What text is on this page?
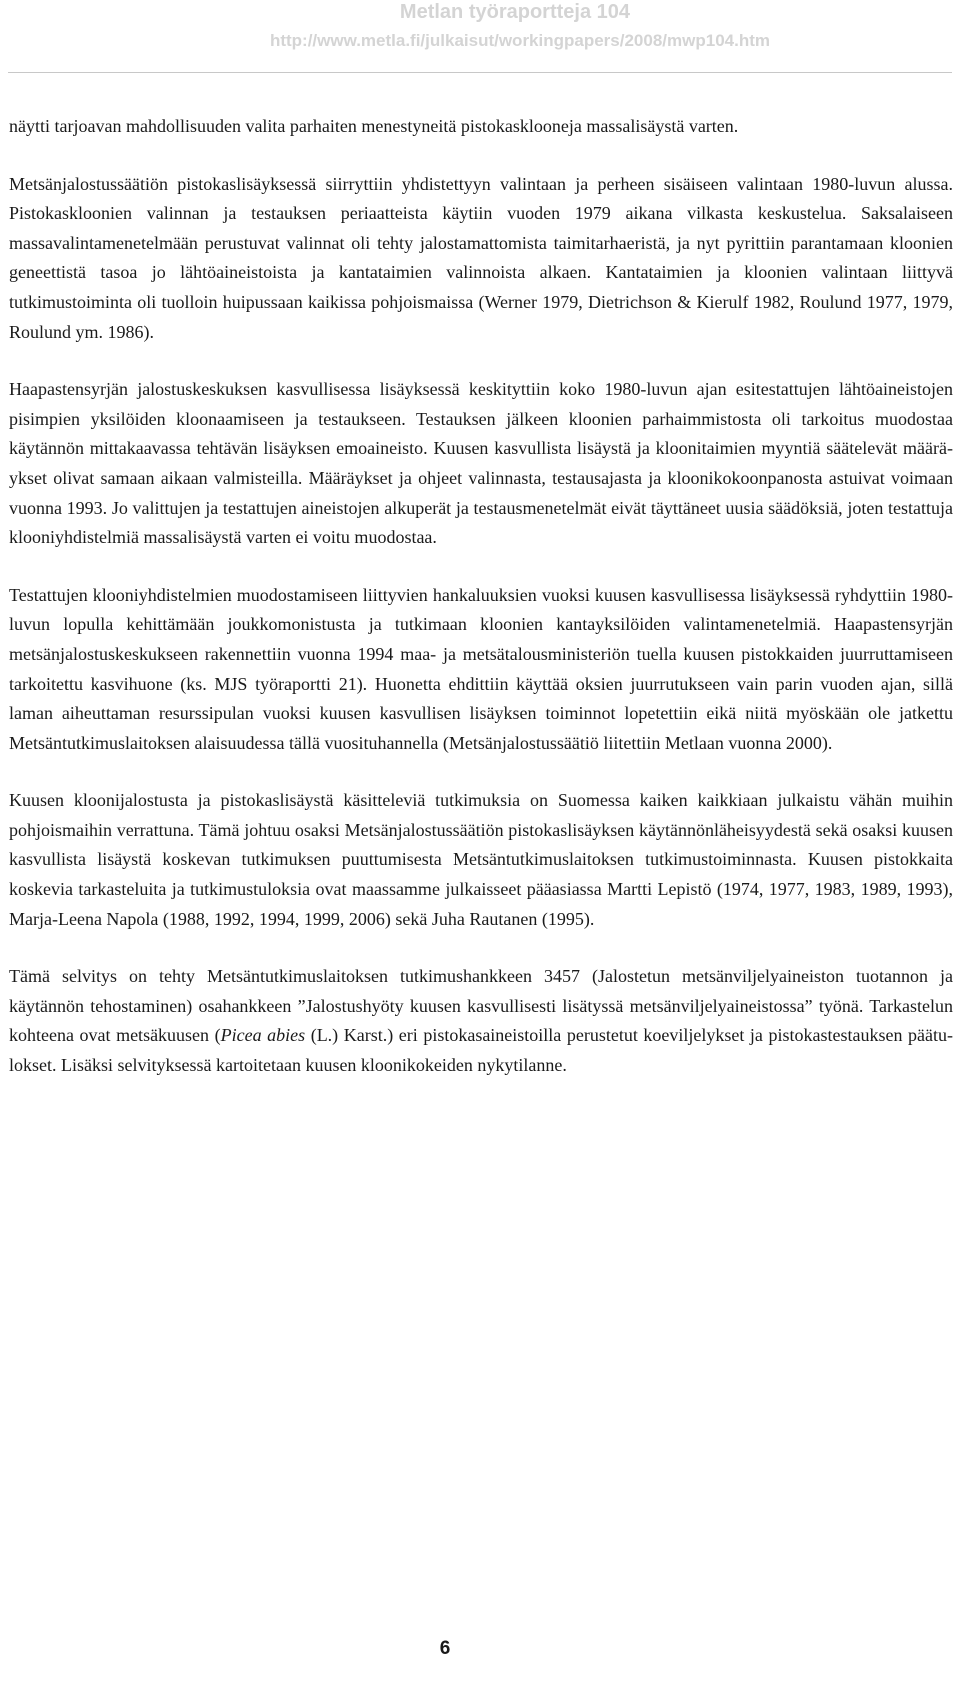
Metlan työraportteja 104
http://www.metla.fi/julkaisut/workingpapers/2008/mwp104.htm

näytti tarjoavan mahdollisuuden valita parhaiten menestyneitä pistokasklooneja massalisäystä varten.

Metsänjalostussäätiön pistokaslisäyksessä siirryttiin yhdistettyyn valintaan ja perheen sisäiseen valintaan 1980-luvun alussa. Pistokaskloonien valinnan ja testauksen periaatteista käytiin vuoden 1979 aikana vilkasta keskustelua. Saksalaiseen massavalintamenetelmään perustuvat valinnat oli tehty jalostamattomista taimitarhaeristä, ja nyt pyrittiin parantamaan kloonien geneettistä tasoa jo lähtöaineistoista ja kantataimien valinnoista alkaen. Kantataimien ja kloonien valintaan liittyvä tutkimustoiminta oli tuolloin huipussaan kaikissa pohjoismaissa (Werner 1979, Dietrichson & Kierulf 1982, Roulund 1977, 1979, Roulund ym. 1986).

Haapastensyrjän jalostuskeskuksen kasvullisessa lisäyksessä keskityttiin koko 1980-luvun ajan esitestattujen lähtöaineistojen pisimpien yksilöiden kloonaamiseen ja testaukseen. Testauksen jälkeen kloonien parhaimmistosta oli tarkoitus muodostaa käytännön mittakaavassa tehtävän lisäyksen emoaineisto. Kuusen kasvullista lisäystä ja kloonitaimien myyntiä säätelevät määräykset olivat samaan aikaan valmisteilla. Määräykset ja ohjeet valinnasta, testausajasta ja kloonikokoonpanosta astuivat voimaan vuonna 1993. Jo valittujen ja testattujen aineistojen alkuperät ja testausmenetelmät eivät täyttäneet uusia säädöksiä, joten testattuja klooniyhdistelmiä massalisäystä varten ei voitu muodostaa.

Testattujen klooniyhdistelmien muodostamiseen liittyvien hankaluuksien vuoksi kuusen kasvullisessa lisäyksessä ryhdyttiin 1980-luvun lopulla kehittämään joukkomonistusta ja tutkimaan kloonien kantayksilöiden valintamenetelmiä. Haapastensyrjän metsänjalostuskeskukseen rakennettiin vuonna 1994 maa- ja metsätalousministeriön tuella kuusen pistokkaiden juurruttamiseen tarkoitettu kasvihuone (ks. MJS työraportti 21). Huonetta ehdittiin käyttää oksien juurrutukseen vain parin vuoden ajan, sillä laman aiheuttaman resurssipulan vuoksi kuusen kasvullisen lisäyksen toiminnot lopetettiin eikä niitä myöskään ole jatkettu Metsäntutkimuslaitoksen alaisuudessa tällä vuosituhannella (Metsänjalostussäätiö liitettiin Metlaan vuonna 2000).

Kuusen kloonijalostusta ja pistokaslisäystä käsitteleviä tutkimuksia on Suomessa kaiken kaikkiaan julkaistu vähän muihin pohjoismaihin verrattuna. Tämä johtuu osaksi Metsänjalostussäätiön pistokaslisäyksen käytännönläheisyydestä sekä osaksi kuusen kasvullista lisäystä koskevan tutkimuksen puuttumisesta Metsäntutkimuslaitoksen tutkimustoiminnasta. Kuusen pistokkaita koskevia tarkasteluita ja tutkimustuloksia ovat maassamme julkaisseet pääasiassa Martti Lepistö (1974, 1977, 1983, 1989, 1993), Marja-Leena Napola (1988, 1992, 1994, 1999, 2006) sekä Juha Rautanen (1995).

Tämä selvitys on tehty Metsäntutkimuslaitoksen tutkimushankkeen 3457 (Jalostetun metsänviljelyaineiston tuotannon ja käytännön tehostaminen) osahankkeen ”Jalostushyöty kuusen kasvullisesti lisätyssä metsänviljelyaineistossa” työnä. Tarkastelun kohteena ovat metsäkuusen (Picea abies (L.) Karst.) eri pistokasaineistoilla perustetut koeviljelykset ja pistokastestauksen päätulokset. Lisäksi selvityksessä kartoitetaan kuusen kloonikokeiden nykytilanne.

6
